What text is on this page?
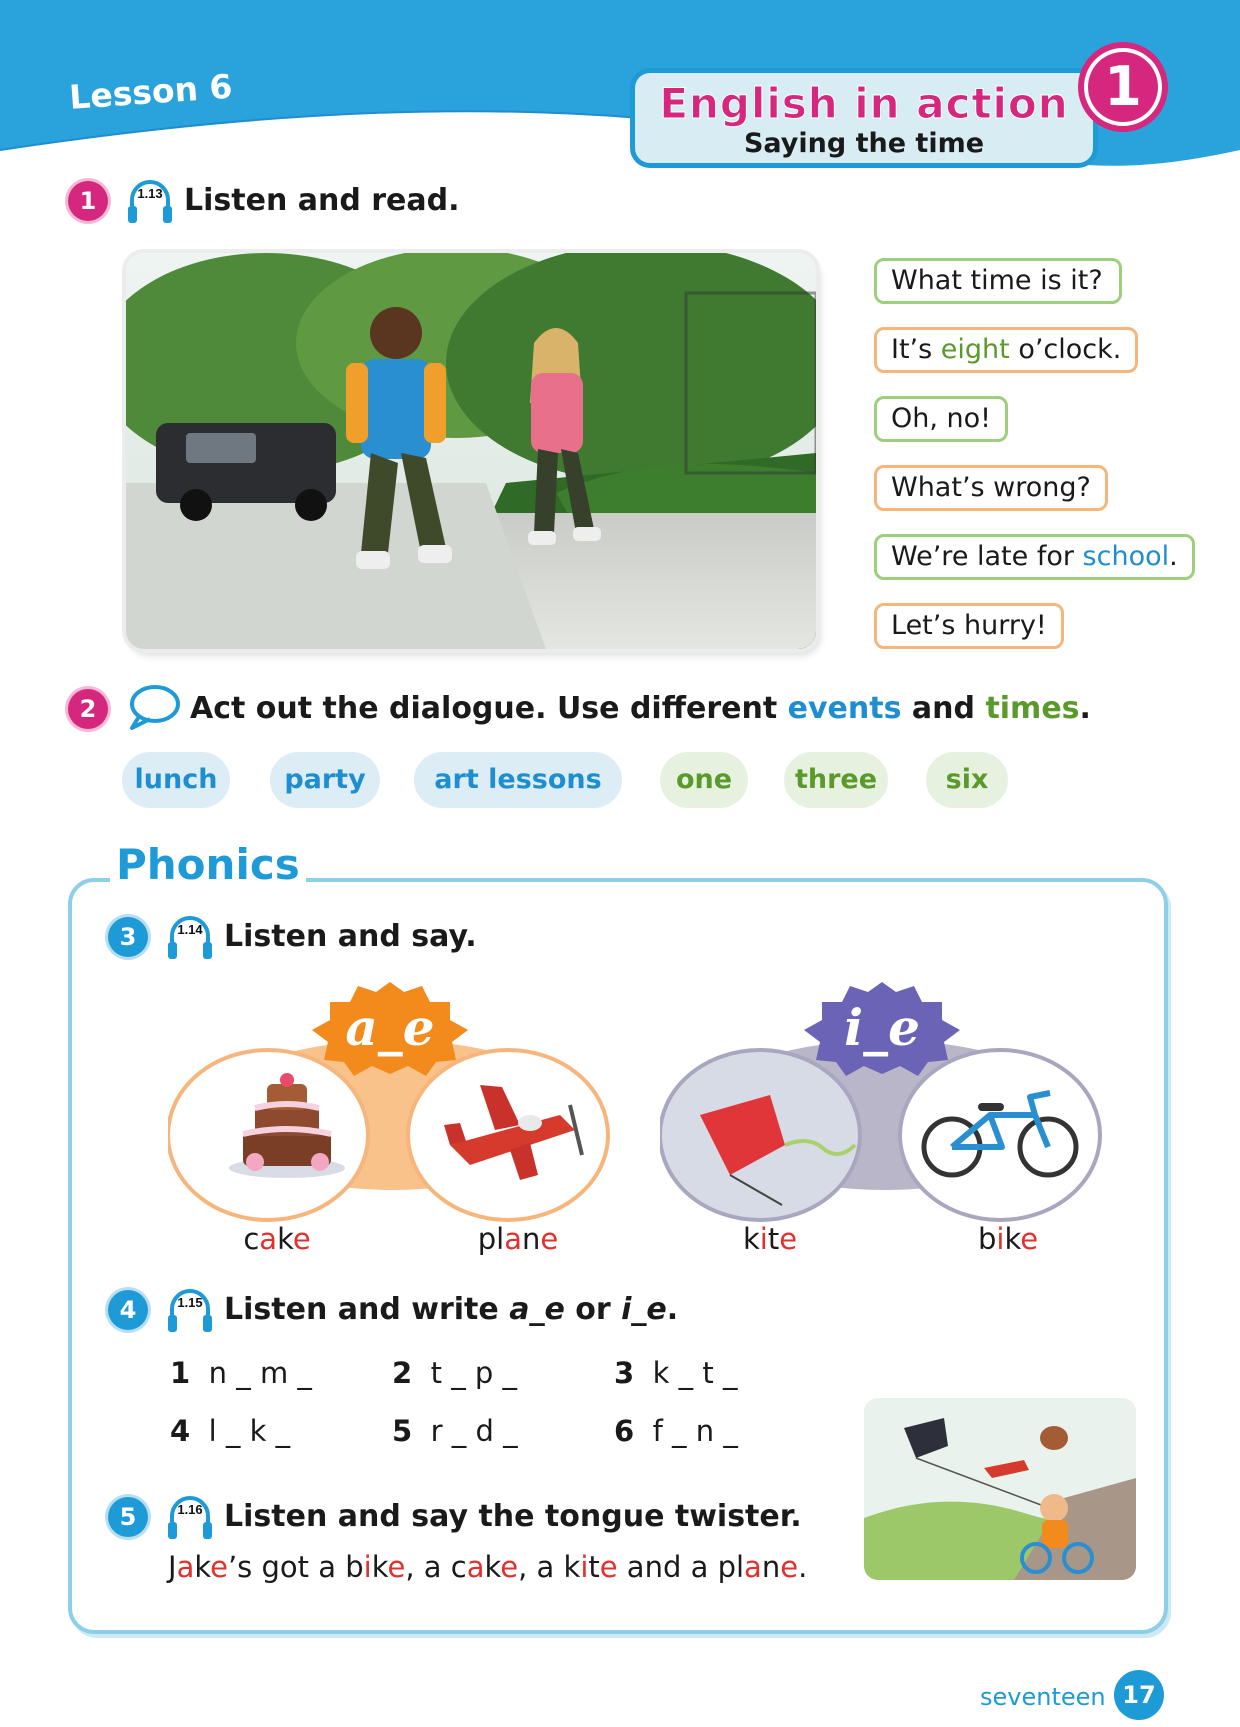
Lesson 6	English in action
Saying the time
1
1	1.13 Listen and read.
What time is it?
It’s eight o’clock.
Oh, no!
What’s wrong?
We’re late for school.
Let’s hurry!
2	Act out the dialogue. Use different events and times.
lunch	party	art lessons	one	three	six
Phonics
3	1.14 Listen and say.
a_e
cake	plane
i_e
kite	bike
4	1.15 Listen and write a_e or i_e.
1 n _ m _	2 t _ p _	3 k _ t _
4 l _ k _	5 r _ d _	6 f _ n _
5	1.16 Listen and say the tongue twister.
Jake’s got a bike, a cake, a kite and a plane.
seventeen 17
